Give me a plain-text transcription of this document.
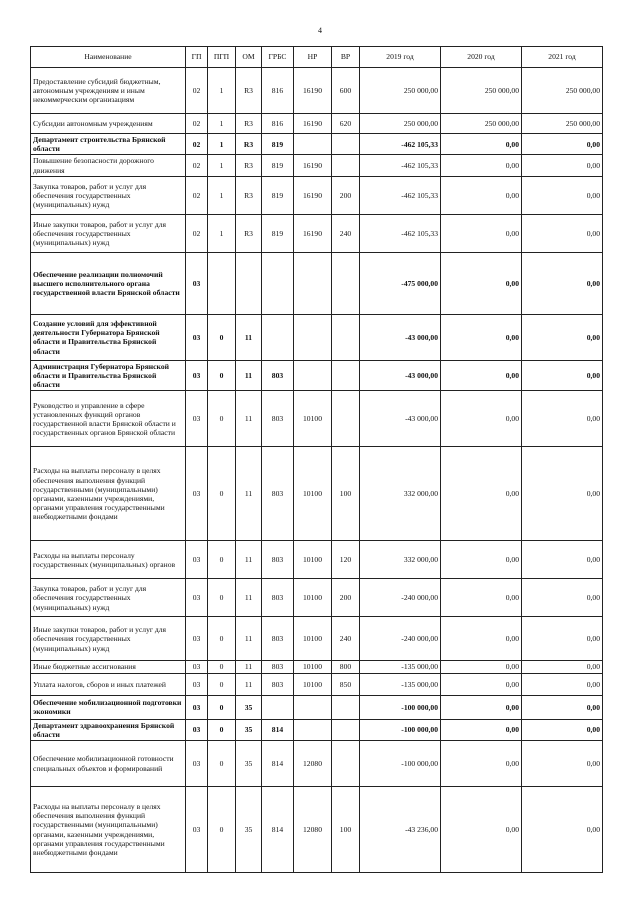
4
Наименование	ГП	ПГП	ОМ	ГРБС	НР	ВР	2019 год	2020 год	2021 год
Предоставление субсидий бюджетным, автономным учреждениям и иным некоммерческим организациям	02	1	R3	816	16190	600	250 000,00	250 000,00	250 000,00
Субсидии автономным учреждениям	02	1	R3	816	16190	620	250 000,00	250 000,00	250 000,00
Департамент строительства Брянской области	02	1	R3	819			-462 105,33	0,00	0,00
Повышение безопасности дорожного движения	02	1	R3	819	16190		-462 105,33	0,00	0,00
Закупка товаров, работ и услуг для обеспечения государственных (муниципальных) нужд	02	1	R3	819	16190	200	-462 105,33	0,00	0,00
Иные закупки товаров, работ и услуг для обеспечения государственных (муниципальных) нужд	02	1	R3	819	16190	240	-462 105,33	0,00	0,00
Обеспечение реализации полномочий высшего исполнительного органа государственной власти Брянской области	03						-475 000,00	0,00	0,00
Создание условий для эффективной деятельности Губернатора Брянской области и Правительства Брянской области	03	0	11				-43 000,00	0,00	0,00
Администрация Губернатора Брянской области и Правительства Брянской области	03	0	11	803			-43 000,00	0,00	0,00
Руководство и управление в сфере установленных функций органов государственной власти Брянской области и государственных органов Брянской области	03	0	11	803	10100		-43 000,00	0,00	0,00
Расходы на выплаты персоналу в целях обеспечения выполнения функций государственными (муниципальными) органами, казенными учреждениями, органами управления государственными внебюджетными фондами	03	0	11	803	10100	100	332 000,00	0,00	0,00
Расходы на выплаты персоналу государственных (муниципальных) органов	03	0	11	803	10100	120	332 000,00	0,00	0,00
Закупка товаров, работ и услуг для обеспечения государственных (муниципальных) нужд	03	0	11	803	10100	200	-240 000,00	0,00	0,00
Иные закупки товаров, работ и услуг для обеспечения государственных (муниципальных) нужд	03	0	11	803	10100	240	-240 000,00	0,00	0,00
Иные бюджетные ассигнования	03	0	11	803	10100	800	-135 000,00	0,00	0,00
Уплата налогов, сборов и иных платежей	03	0	11	803	10100	850	-135 000,00	0,00	0,00
Обеспечение мобилизационной подготовки экономики	03	0	35				-100 000,00	0,00	0,00
Департамент здравоохранения Брянской области	03	0	35	814			-100 000,00	0,00	0,00
Обеспечение мобилизационной готовности специальных объектов и формирований	03	0	35	814	12080		-100 000,00	0,00	0,00
Расходы на выплаты персоналу в целях обеспечения выполнения функций государственными (муниципальными) органами, казенными учреждениями, органами управления государственными внебюджетными фондами	03	0	35	814	12080	100	-43 236,00	0,00	0,00
